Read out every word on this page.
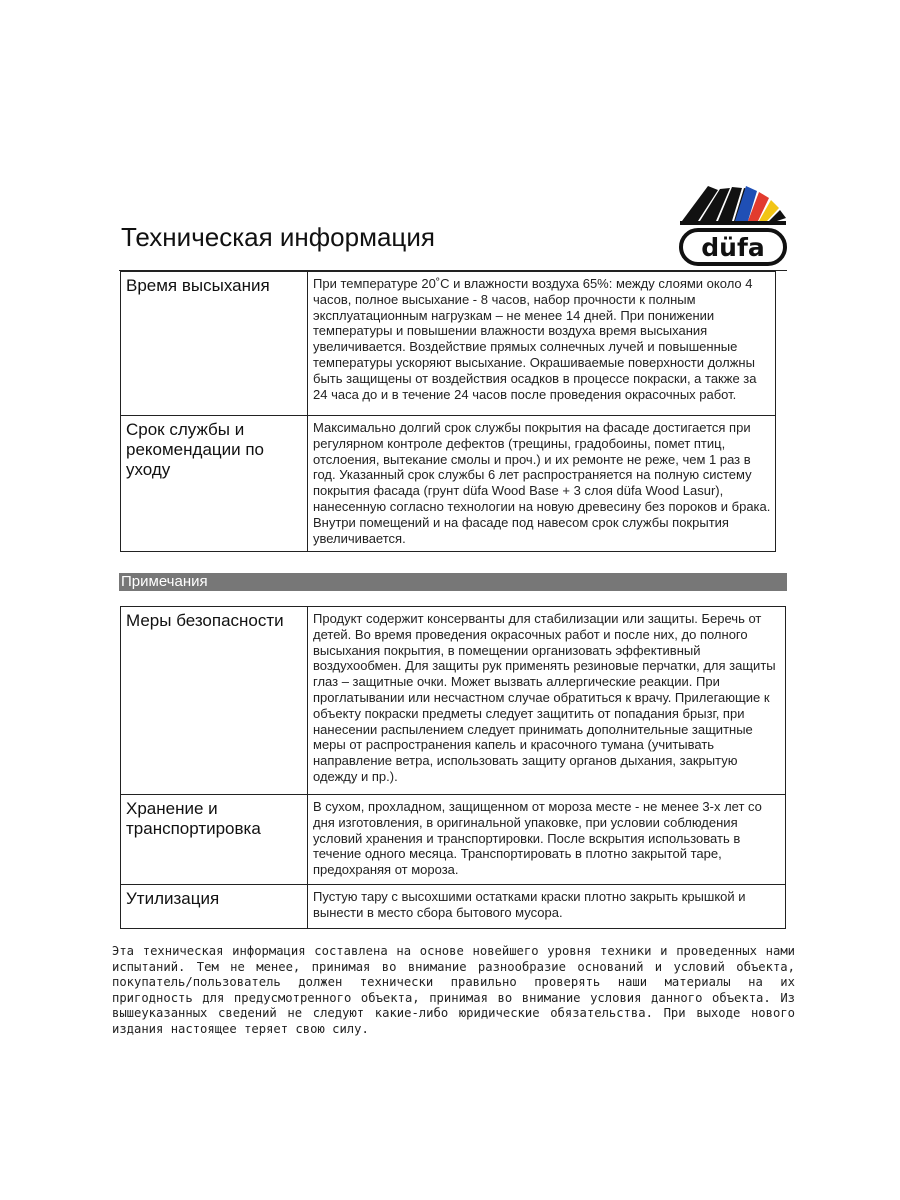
düfa
Техническая информация
Время высыхания	При температуре 20˚С и влажности воздуха 65%: между слоями около 4 часов, полное высыхание - 8 часов, набор прочности к полным эксплуатационным нагрузкам – не менее 14 дней. При понижении температуры и повышении влажности воздуха время высыхания увеличивается. Воздействие прямых солнечных лучей и повышенные температуры ускоряют высыхание. Окрашиваемые поверхности должны быть защищены от воздействия осадков в процессе покраски, а также за 24 часа до и в течение 24 часов после проведения окрасочных работ.
Срок службы и рекомендации по уходу	Максимально долгий срок службы покрытия на фасаде достигается при регулярном контроле дефектов (трещины, градобоины, помет птиц, отслоения, вытекание смолы и проч.) и их ремонте не реже, чем 1 раз в год. Указанный срок службы 6 лет распространяется на полную систему покрытия фасада (грунт düfa Wood Base + 3 слоя düfa Wood Lasur), нанесенную согласно технологии на новую древесину без пороков и брака. Внутри помещений и на фасаде под навесом срок службы покрытия увеличивается.
Примечания
Меры безопасности	Продукт содержит консерванты для стабилизации или защиты. Беречь от детей. Во время проведения окрасочных работ и после них, до полного высыхания покрытия, в помещении организовать эффективный воздухообмен. Для защиты рук применять резиновые перчатки, для защиты глаз – защитные очки. Может вызвать аллергические реакции. При проглатывании или несчастном случае обратиться к врачу. Прилегающие к объекту покраски предметы следует защитить от попадания брызг, при нанесении распылением следует принимать дополнительные защитные меры от распространения капель и красочного тумана (учитывать направление ветра, использовать защиту органов дыхания, закрытую одежду и пр.).
Хранение и транспортировка	В сухом, прохладном, защищенном от мороза месте - не менее 3-х лет со дня изготовления, в оригинальной упаковке, при условии соблюдения условий хранения и транспортировки. После вскрытия использовать в течение одного месяца. Транспортировать в плотно закрытой таре, предохраняя от мороза.
Утилизация	Пустую тару с высохшими остатками краски плотно закрыть крышкой и вынести в место сбора бытового мусора.
Эта техническая информация составлена на основе новейшего уровня техники и проведенных нами испытаний. Тем не менее, принимая во внимание разнообразие оснований и условий объекта, покупатель/пользователь должен технически правильно проверять наши материалы на их пригодность для предусмотренного объекта, принимая во внимание условия данного объекта. Из вышеуказанных сведений не следуют какие-либо юридические обязательства. При выходе нового издания настоящее теряет свою силу.
